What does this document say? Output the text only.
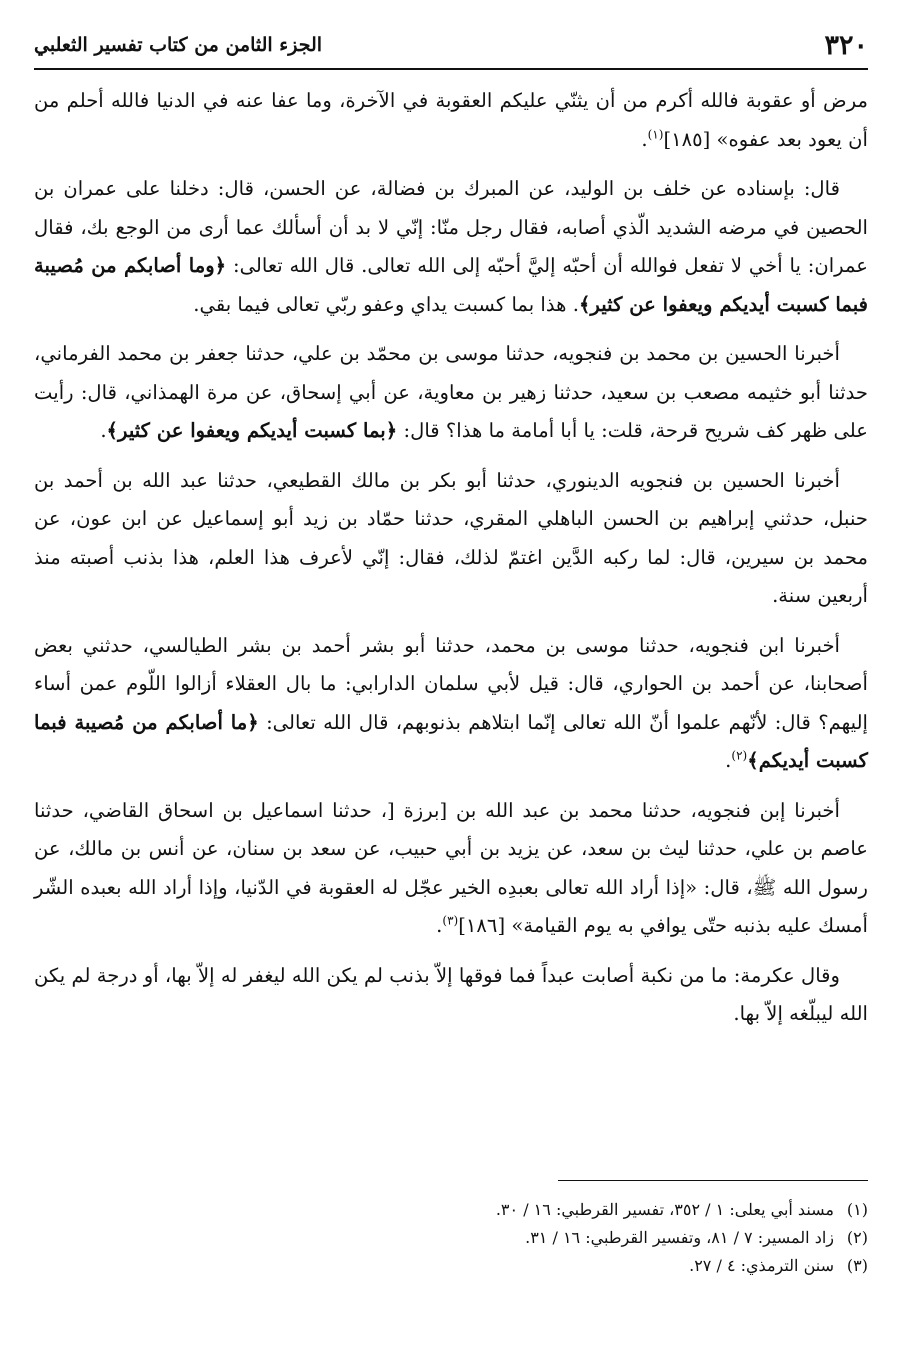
٣٢٠
الجزء الثامن من كتاب تفسير الثعلبي

مرض أو عقوبة فالله أكرم من أن يثنّي عليكم العقوبة في الآخرة، وما عفا عنه في الدنيا فالله أحلم من أن يعود بعد عفوه» [١٨٥]$^{(١)}$.

قال: بإسناده عن خلف بن الوليد، عن المبرك بن فضالة، عن الحسن، قال: دخلنا على عمران بن الحصين في مرضه الشديد الّذي أصابه، فقال رجل منّا: إنّي لا بد أن أسألك عما أرى من الوجع بك، فقال عمران: يا أخي لا تفعل فوالله أن أحبّه إليَّ أحبّه إلى الله تعالى. قال الله تعالى: ﴿وما أصابكم من مُصيبة فبما كسبت أيديكم ويعفوا عن كثير﴾. هذا بما كسبت يداي وعفو ربّي تعالى فيما بقي.

أخبرنا الحسين بن محمد بن فنجويه، حدثنا موسى بن محمّد بن علي، حدثنا جعفر بن محمد الفرماني، حدثنا أبو خثيمه مصعب بن سعيد، حدثنا زهير بن معاوية، عن أبي إسحاق، عن مرة الهمذاني، قال: رأيت على ظهر كف شريح قرحة، قلت: يا أبا أمامة ما هذا؟ قال: ﴿بما كسبت أيديكم ويعفوا عن كثير﴾.

أخبرنا الحسين بن فنجويه الدينوري، حدثنا أبو بكر بن مالك القطيعي، حدثنا عبد الله بن أحمد بن حنبل، حدثني إبراهيم بن الحسن الباهلي المقري، حدثنا حمّاد بن زيد أبو إسماعيل عن ابن عون، عن محمد بن سيرين، قال: لما ركبه الدَّين اغتمّ لذلك، فقال: إنّي لأعرف هذا العلم، هذا بذنب أصبته منذ أربعين سنة.

أخبرنا ابن فنجويه، حدثنا موسى بن محمد، حدثنا أبو بشر أحمد بن بشر الطيالسي، حدثني بعض أصحابنا، عن أحمد بن الحواري، قال: قيل لأبي سلمان الدارابي: ما بال العقلاء أزالوا اللّوم عمن أساء إليهم؟ قال: لأنّهم علموا أنّ الله تعالى إنّما ابتلاهم بذنوبهم، قال الله تعالى: ﴿ما أصابكم من مُصيبة فبما كسبت أيديكم﴾$^{(٢)}$.

أخبرنا إبن فنجويه، حدثنا محمد بن عبد الله بن [برزة [، حدثنا اسماعيل بن اسحاق القاضي، حدثنا عاصم بن علي، حدثنا ليث بن سعد، عن يزيد بن أبي حبيب، عن سعد بن سنان، عن أنس بن مالك، عن رسول الله ﷺ، قال: «إذا أراد الله تعالى بعبدِه الخير عجّل له العقوبة في الدّنيا، وإذا أراد الله بعبده الشّر أمسك عليه بذنبه حتّى يوافي به يوم القيامة» [١٨٦]$^{(٣)}$.

وقال عكرمة: ما من نكبة أصابت عبداً فما فوقها إلاّ بذنب لم يكن الله ليغفر له إلاّ بها، أو درجة لم يكن الله ليبلّغه إلاّ بها.

(١)مسند أبي يعلى: ١ / ٣٥٢، تفسير القرطبي: ١٦ / ٣٠.

(٢)زاد المسير: ٧ / ٨١، وتفسير القرطبي: ١٦ / ٣١.

(٣)سنن الترمذي: ٤ / ٢٧.
